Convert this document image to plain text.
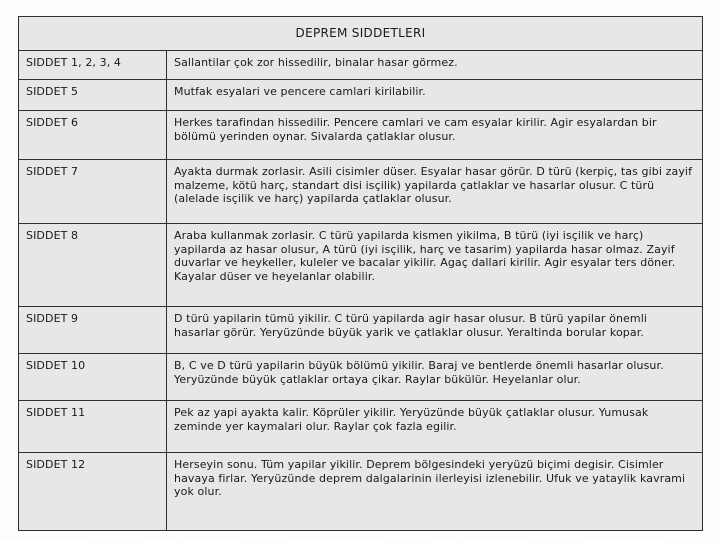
DEPREM SIDDETLERI	
SIDDET 1, 2, 3, 4	Sallantilar çok zor hissedilir, binalar hasar görmez.
SIDDET 5	Mutfak esyalari ve pencere camlari kirilabilir.
SIDDET 6	Herkes tarafindan hissedilir. Pencere camlari ve cam esyalar kirilir. Agir esyalardan bir bölümü yerinden oynar. Sivalarda çatlaklar olusur.
SIDDET 7	Ayakta durmak zorlasir. Asili cisimler düser. Esyalar hasar görür. D türü (kerpiç, tas gibi zayif malzeme, kötü harç, standart disi isçilik) yapilarda çatlaklar ve hasarlar olusur. C türü (alelade isçilik ve harç) yapilarda çatlaklar olusur.
SIDDET 8	Araba kullanmak zorlasir. C türü yapilarda kismen yikilma, B türü (iyi isçilik ve harç) yapilarda az hasar olusur, A türü (iyi isçilik, harç ve tasarim) yapilarda hasar olmaz. Zayif duvarlar ve heykeller, kuleler ve bacalar yikilir. Agaç dallari kirilir. Agir esyalar ters döner. Kayalar düser ve heyelanlar olabilir.
SIDDET 9	D türü yapilarin tümü yikilir. C türü yapilarda agir hasar olusur. B türü yapilar önemli hasarlar görür. Yeryüzünde büyük yarik ve çatlaklar olusur. Yeraltinda borular kopar.
SIDDET 10	B, C ve D türü yapilarin büyük bölümü yikilir. Baraj ve bentlerde önemli hasarlar olusur. Yeryüzünde büyük çatlaklar ortaya çikar. Raylar bükülür. Heyelanlar olur.
SIDDET 11	Pek az yapi ayakta kalir. Köprüler yikilir. Yeryüzünde büyük çatlaklar olusur. Yumusak zeminde yer kaymalari olur. Raylar çok fazla egilir.
SIDDET 12	Herseyin sonu. Tüm yapilar yikilir. Deprem bölgesindeki yeryüzü biçimi degisir. Cisimler havaya firlar. Yeryüzünde deprem dalgalarinin ilerleyisi izlenebilir. Ufuk ve yataylik kavrami yok olur.
